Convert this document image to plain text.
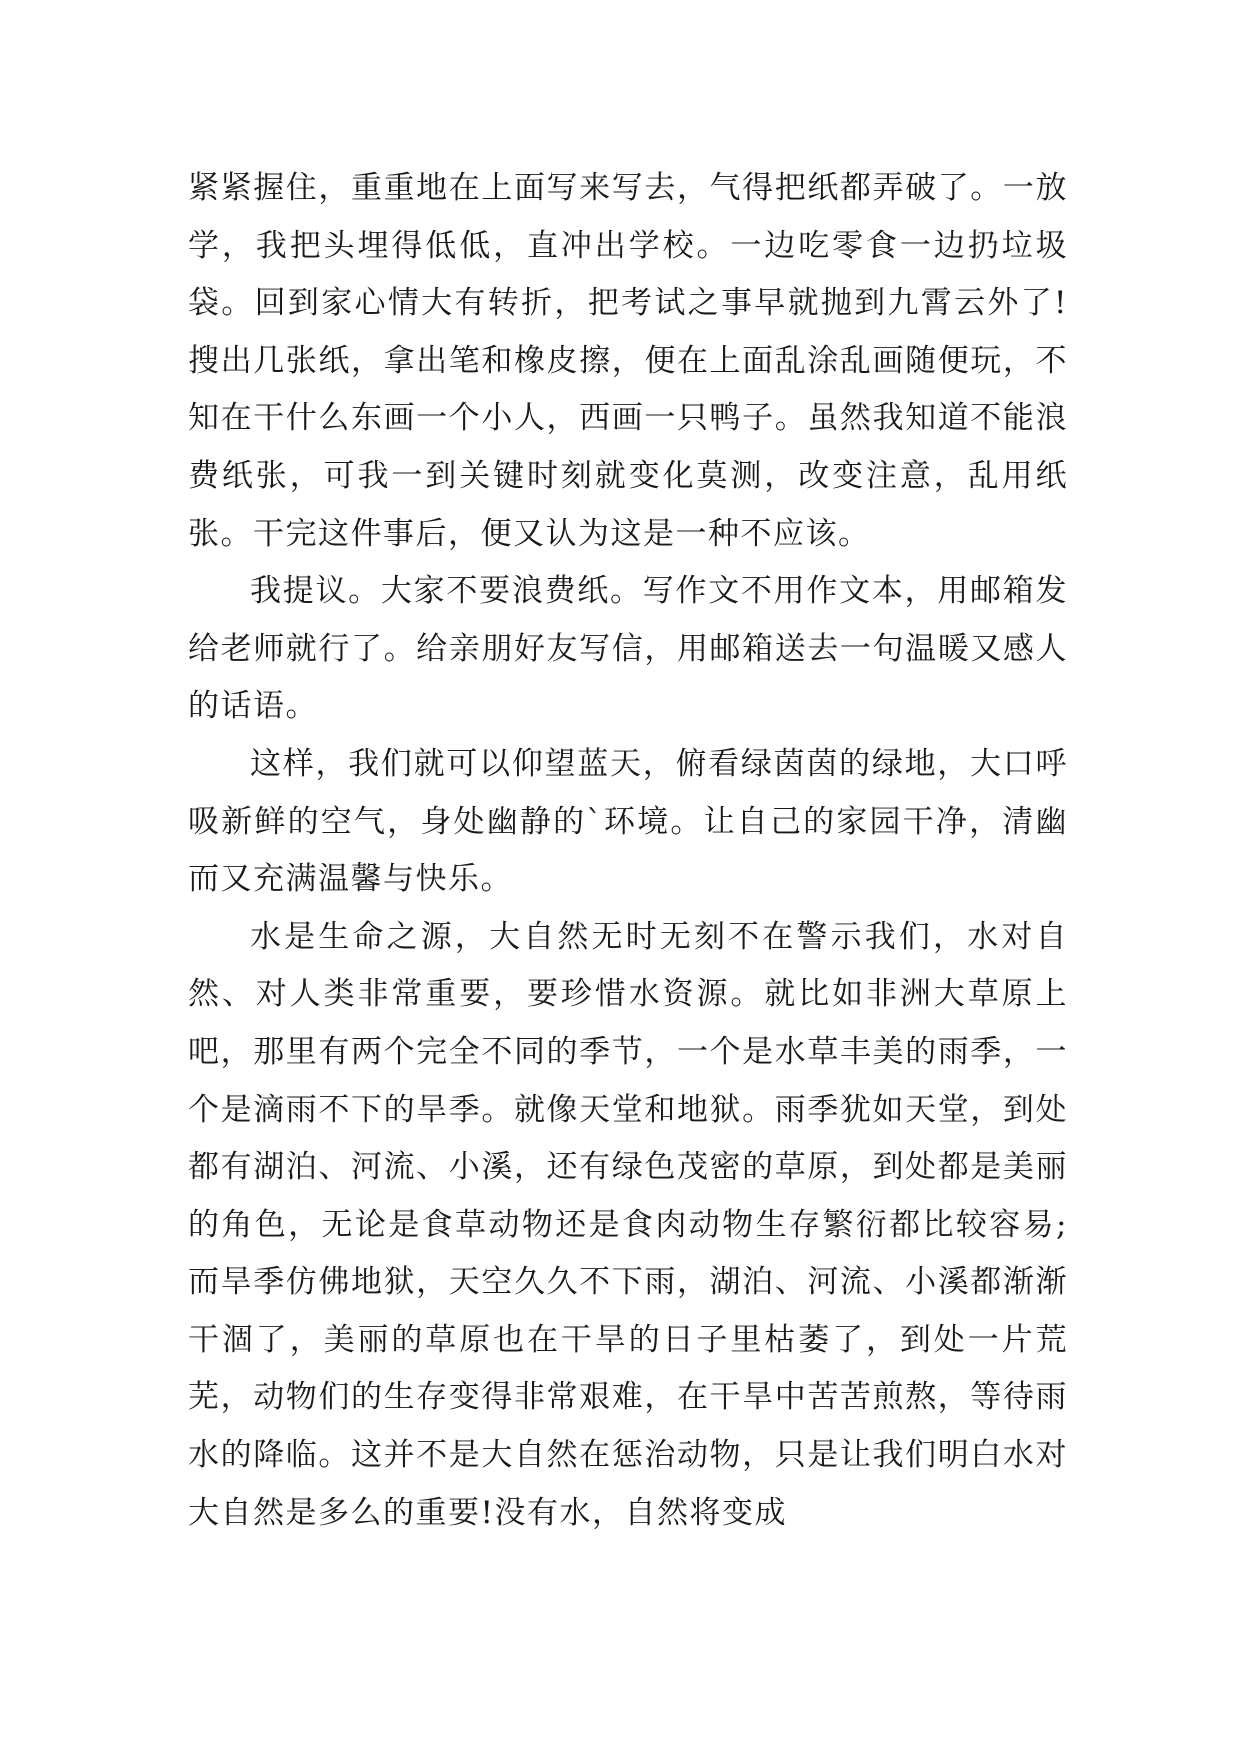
紧紧握住，重重地在上面写来写去，气得把纸都弄破了。一放学，我把头埋得低低，直冲出学校。一边吃零食一边扔垃圾袋。回到家心情大有转折，把考试之事早就抛到九霄云外了!搜出几张纸，拿出笔和橡皮擦，便在上面乱涂乱画随便玩，不知在干什么东画一个小人，西画一只鸭子。虽然我知道不能浪费纸张，可我一到关键时刻就变化莫测，改变注意，乱用纸张。干完这件事后，便又认为这是一种不应该。

我提议。大家不要浪费纸。写作文不用作文本，用邮箱发给老师就行了。给亲朋好友写信，用邮箱送去一句温暖又感人的话语。

这样，我们就可以仰望蓝天，俯看绿茵茵的绿地，大口呼吸新鲜的空气，身处幽静的`环境。让自己的家园干净，清幽而又充满温馨与快乐。

水是生命之源，大自然无时无刻不在警示我们，水对自然、对人类非常重要，要珍惜水资源。就比如非洲大草原上吧，那里有两个完全不同的季节，一个是水草丰美的雨季，一个是滴雨不下的旱季。就像天堂和地狱。雨季犹如天堂，到处都有湖泊、河流、小溪，还有绿色茂密的草原，到处都是美丽的角色，无论是食草动物还是食肉动物生存繁衍都比较容易;而旱季仿佛地狱，天空久久不下雨，湖泊、河流、小溪都渐渐干涸了，美丽的草原也在干旱的日子里枯萎了，到处一片荒芜，动物们的生存变得非常艰难，在干旱中苦苦煎熬，等待雨水的降临。这并不是大自然在惩治动物，只是让我们明白水对大自然是多么的重要!没有水，自然将变成
